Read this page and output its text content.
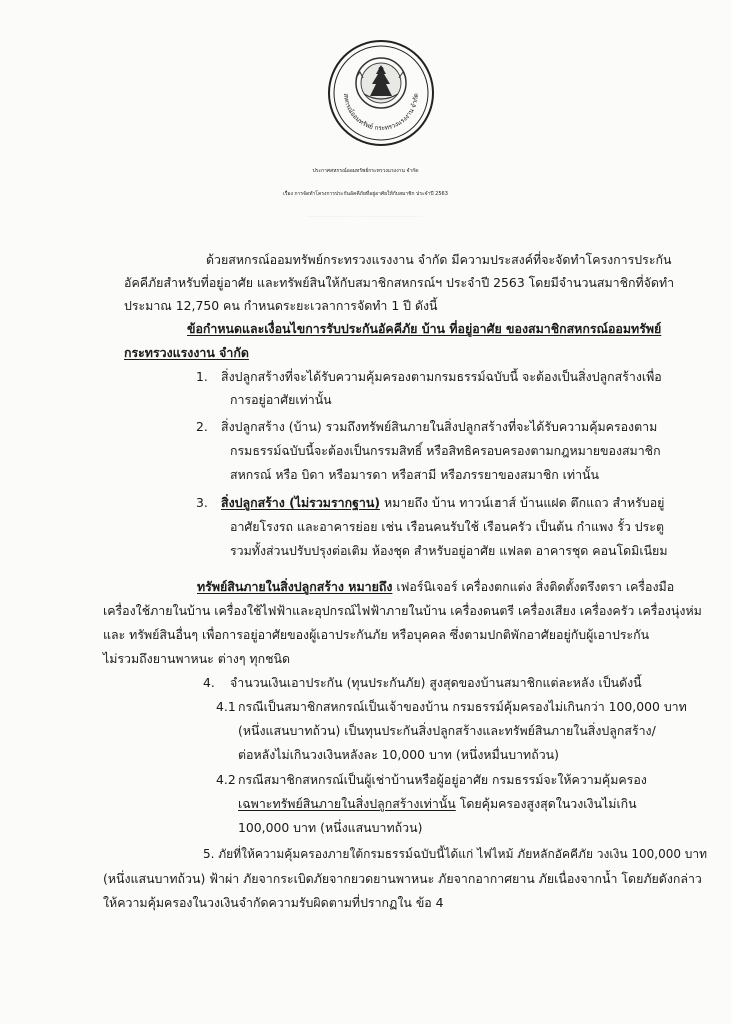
สหกรณ์ออมทรัพย์ กระทรวงแรงงาน จำกัด
ประกาศสหกรณ์ออมทรัพย์กระทรวงแรงงาน จำกัด
เรื่อง การจัดทำโครงการประกันอัคคีภัยที่อยู่อาศัยให้กับสมาชิก ประจำปี 2563
.......................................................................
ด้วยสหกรณ์ออมทรัพย์กระทรวงแรงงาน จำกัด มีความประสงค์ที่จะจัดทำโครงการประกัน
อัคคีภัยสำหรับที่อยู่อาศัย และทรัพย์สินให้กับสมาชิกสหกรณ์ฯ ประจำปี 2563 โดยมีจำนวนสมาชิกที่จัดทำ
ประมาณ 12,750 คน กำหนดระยะเวลาการจัดทำ 1 ปี ดังนี้
ข้อกำหนดและเงื่อนไขการรับประกันอัคคีภัย บ้าน ที่อยู่อาศัย ของสมาชิกสหกรณ์ออมทรัพย์
กระทรวงแรงงาน จำกัด
1. สิ่งปลูกสร้างที่จะได้รับความคุ้มครองตามกรมธรรม์ฉบับนี้ จะต้องเป็นสิ่งปลูกสร้างเพื่อ
การอยู่อาศัยเท่านั้น
2. สิ่งปลูกสร้าง (บ้าน) รวมถึงทรัพย์สินภายในสิ่งปลูกสร้างที่จะได้รับความคุ้มครองตาม
กรมธรรม์ฉบับนี้จะต้องเป็นกรรมสิทธิ์ หรือสิทธิครอบครองตามกฎหมายของสมาชิก
สหกรณ์ หรือ บิดา หรือมารดา หรือสามี หรือภรรยาของสมาชิก เท่านั้น
3. สิ่งปลูกสร้าง (ไม่รวมรากฐาน) หมายถึง บ้าน ทาวน์เฮาส์ บ้านแฝด ตึกแถว สำหรับอยู่
อาศัยโรงรถ และอาคารย่อย เช่น เรือนคนรับใช้ เรือนครัว เป็นต้น กำแพง รั้ว ประตู
รวมทั้งส่วนปรับปรุงต่อเติม ห้องชุด สำหรับอยู่อาศัย แฟลต อาคารชุด คอนโดมิเนียม
ทรัพย์สินภายในสิ่งปลูกสร้าง หมายถึง เฟอร์นิเจอร์ เครื่องตกแต่ง สิ่งติดตั้งตรึงตรา เครื่องมือ
เครื่องใช้ภายในบ้าน เครื่องใช้ไฟฟ้าและอุปกรณ์ไฟฟ้าภายในบ้าน เครื่องดนตรี เครื่องเสียง เครื่องครัว เครื่องนุ่งห่ม
และ ทรัพย์สินอื่นๆ เพื่อการอยู่อาศัยของผู้เอาประกันภัย หรือบุคคล ซึ่งตามปกติพักอาศัยอยู่กับผู้เอาประกัน
ไม่รวมถึงยานพาหนะ ต่างๆ ทุกชนิด
4. จำนวนเงินเอาประกัน (ทุนประกันภัย) สูงสุดของบ้านสมาชิกแต่ละหลัง เป็นดังนี้
4.1 กรณีเป็นสมาชิกสหกรณ์เป็นเจ้าของบ้าน กรมธรรม์คุ้มครองไม่เกินกว่า 100,000 บาท
(หนึ่งแสนบาทถ้วน) เป็นทุนประกันสิ่งปลูกสร้างและทรัพย์สินภายในสิ่งปลูกสร้าง/
ต่อหลังไม่เกินวงเงินหลังละ 10,000 บาท (หนึ่งหมื่นบาทถ้วน)
4.2 กรณีสมาชิกสหกรณ์เป็นผู้เช่าบ้านหรือผู้อยู่อาศัย กรมธรรม์จะให้ความคุ้มครอง
เฉพาะทรัพย์สินภายในสิ่งปลูกสร้างเท่านั้น โดยคุ้มครองสูงสุดในวงเงินไม่เกิน
100,000 บาท (หนึ่งแสนบาทถ้วน)
5. ภัยที่ให้ความคุ้มครองภายใต้กรมธรรม์ฉบับนี้ได้แก่ ไฟไหม้ ภัยหลักอัคคีภัย วงเงิน 100,000 บาท
(หนึ่งแสนบาทถ้วน) ฟ้าผ่า ภัยจากระเบิดภัยจากยวดยานพาหนะ ภัยจากอากาศยาน ภัยเนื่องจากน้ำ โดยภัยดังกล่าว
ให้ความคุ้มครองในวงเงินจำกัดความรับผิดตามที่ปรากฏใน ข้อ 4
